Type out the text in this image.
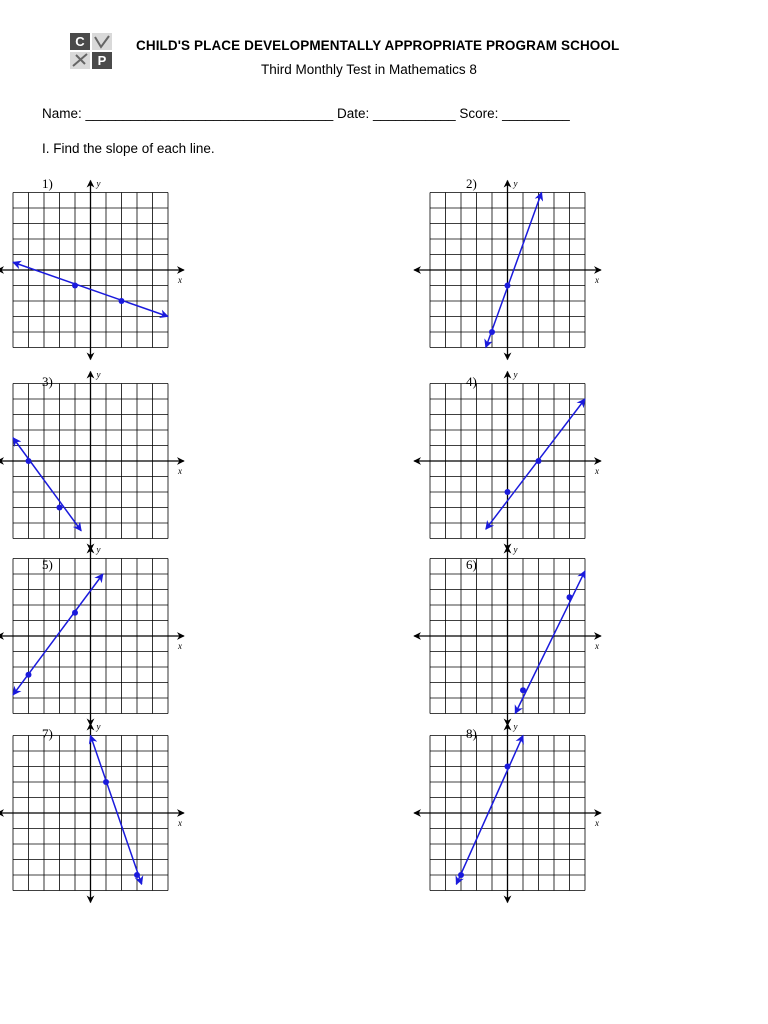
C
P
CHILD'S PLACE DEVELOPMENTALLY APPROPRIATE PROGRAM SCHOOL
Third Monthly Test in Mathematics 8
Name: _________________________________ Date: ___________ Score: _________
I. Find the slope of each line.
1)
x
y	2)
x
y
3)
x
y	4)
x
y
5)
x
y
6)
x
y
7)
x
y	8)
x
y
